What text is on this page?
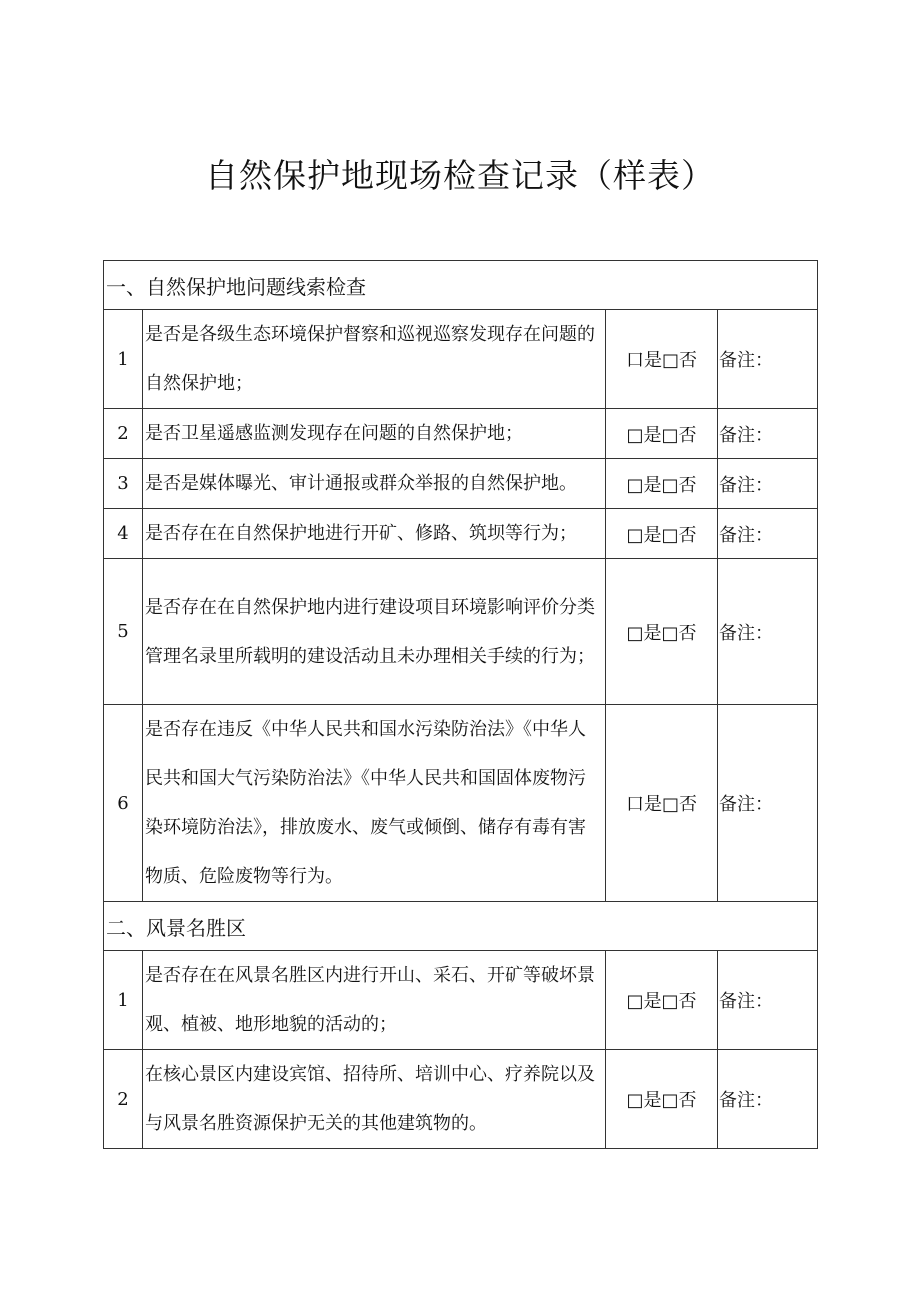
自然保护地现场检查记录（样表）
一、自然保护地问题线索检查			
1	是否是各级生态环境保护督察和巡视巡察发现存在问题的自然保护地；	口是□否	备注：
2	是否卫星遥感监测发现存在问题的自然保护地；	□是□否	备注：
3	是否是媒体曝光、审计通报或群众举报的自然保护地。	□是□否	备注：
4	是否存在在自然保护地进行开矿、修路、筑坝等行为；	□是□否	备注：
5	是否存在在自然保护地内进行建设项目环境影响评价分类管理名录里所载明的建设活动且未办理相关手续的行为；	□是□否	备注：
6	是否存在违反《中华人民共和国水污染防治法》《中华人民共和国大气污染防治法》《中华人民共和国固体废物污染环境防治法》，排放废水、废气或倾倒、储存有毒有害物质、危险废物等行为。	口是□否	备注：
二、风景名胜区			
1	是否存在在风景名胜区内进行开山、采石、开矿等破坏景观、植被、地形地貌的活动的；	□是□否	备注：
2	在核心景区内建设宾馆、招待所、培训中心、疗养院以及与风景名胜资源保护无关的其他建筑物的。	□是□否	备注：
